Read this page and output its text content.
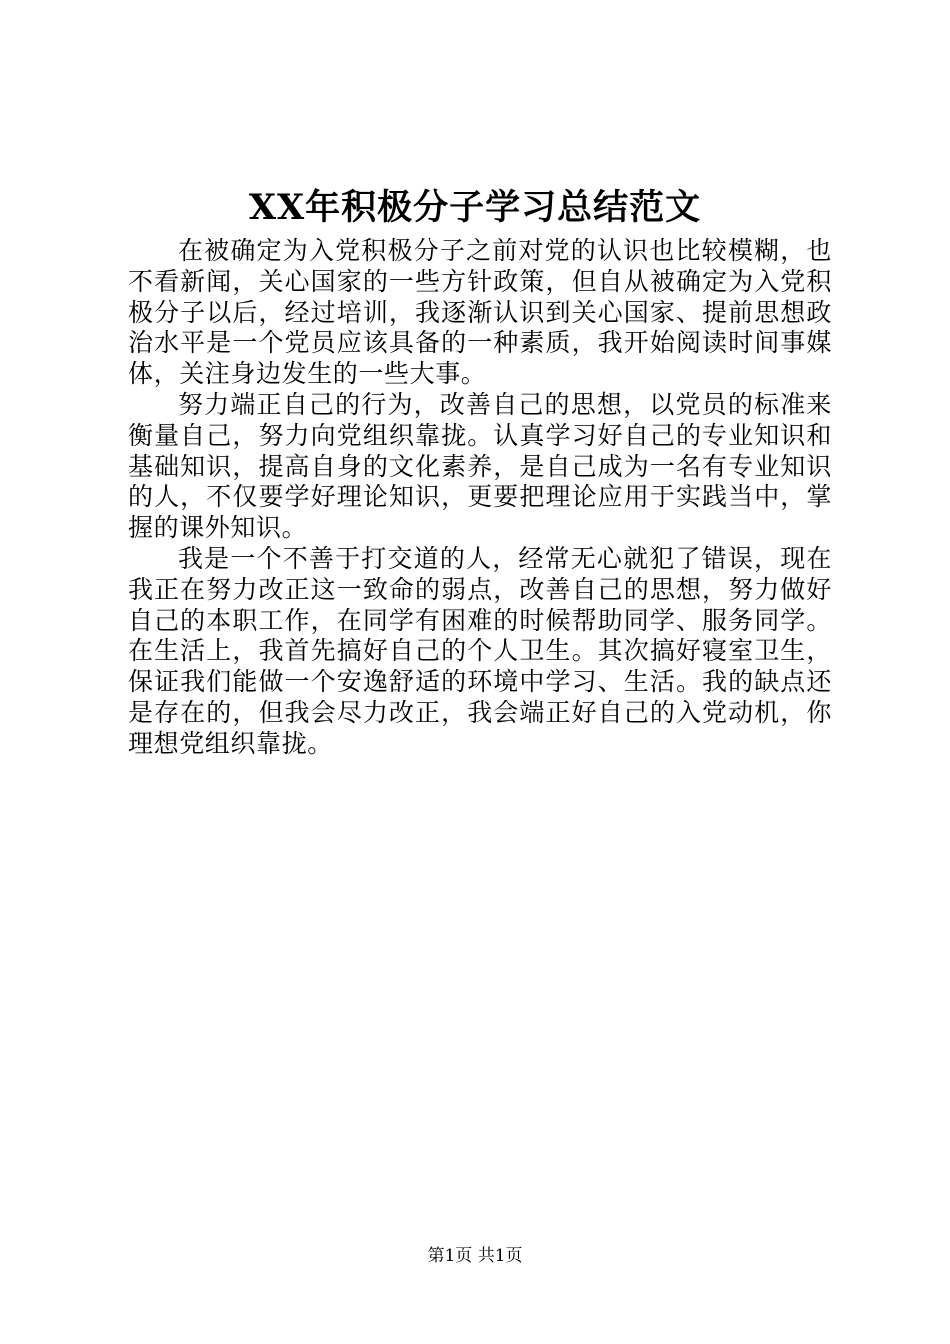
XX年积极分子学习总结范文

在被确定为入党积极分子之前对党的认识也比较模糊，也不看新闻，关心国家的一些方针政策，但自从被确定为入党积极分子以后，经过培训，我逐渐认识到关心国家、提前思想政治水平是一个党员应该具备的一种素质，我开始阅读时间事媒体，关注身边发生的一些大事。

努力端正自己的行为，改善自己的思想，以党员的标准来衡量自己，努力向党组织靠拢。认真学习好自己的专业知识和基础知识，提高自身的文化素养，是自己成为一名有专业知识的人，不仅要学好理论知识，更要把理论应用于实践当中，掌握的课外知识。

我是一个不善于打交道的人，经常无心就犯了错误，现在我正在努力改正这一致命的弱点，改善自己的思想，努力做好自己的本职工作，在同学有困难的时候帮助同学、服务同学。在生活上，我首先搞好自己的个人卫生。其次搞好寝室卫生，保证我们能做一个安逸舒适的环境中学习、生活。我的缺点还是存在的，但我会尽力改正，我会端正好自己的入党动机，你理想党组织靠拢。

第1页 共1页
